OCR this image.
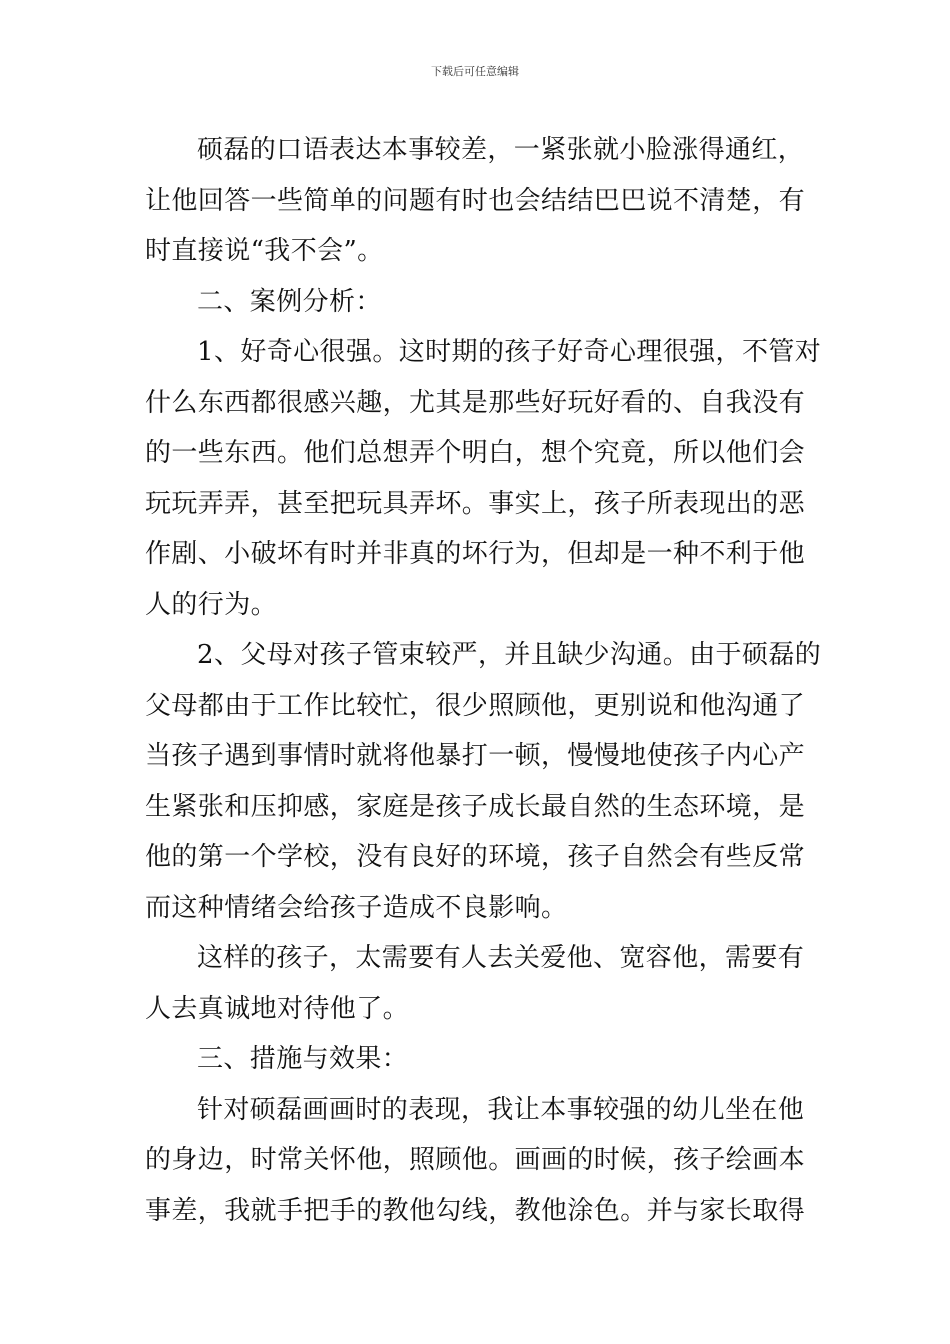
下载后可任意编辑
硕磊的口语表达本事较差，一紧张就小脸涨得通红，
让他回答一些简单的问题有时也会结结巴巴说不清楚，有
时直接说“我不会”。
二、案例分析：
1、好奇心很强。这时期的孩子好奇心理很强，不管对
什么东西都很感兴趣，尤其是那些好玩好看的、自我没有
的一些东西。他们总想弄个明白，想个究竟，所以他们会
玩玩弄弄，甚至把玩具弄坏。事实上，孩子所表现出的恶
作剧、小破坏有时并非真的坏行为，但却是一种不利于他
人的行为。
2、父母对孩子管束较严，并且缺少沟通。由于硕磊的
父母都由于工作比较忙，很少照顾他，更别说和他沟通了
当孩子遇到事情时就将他暴打一顿，慢慢地使孩子内心产
生紧张和压抑感，家庭是孩子成长最自然的生态环境，是
他的第一个学校，没有良好的环境，孩子自然会有些反常
而这种情绪会给孩子造成不良影响。
这样的孩子，太需要有人去关爱他、宽容他，需要有
人去真诚地对待他了。
三、措施与效果：
针对硕磊画画时的表现，我让本事较强的幼儿坐在他
的身边，时常关怀他，照顾他。画画的时候，孩子绘画本
事差，我就手把手的教他勾线，教他涂色。并与家长取得
